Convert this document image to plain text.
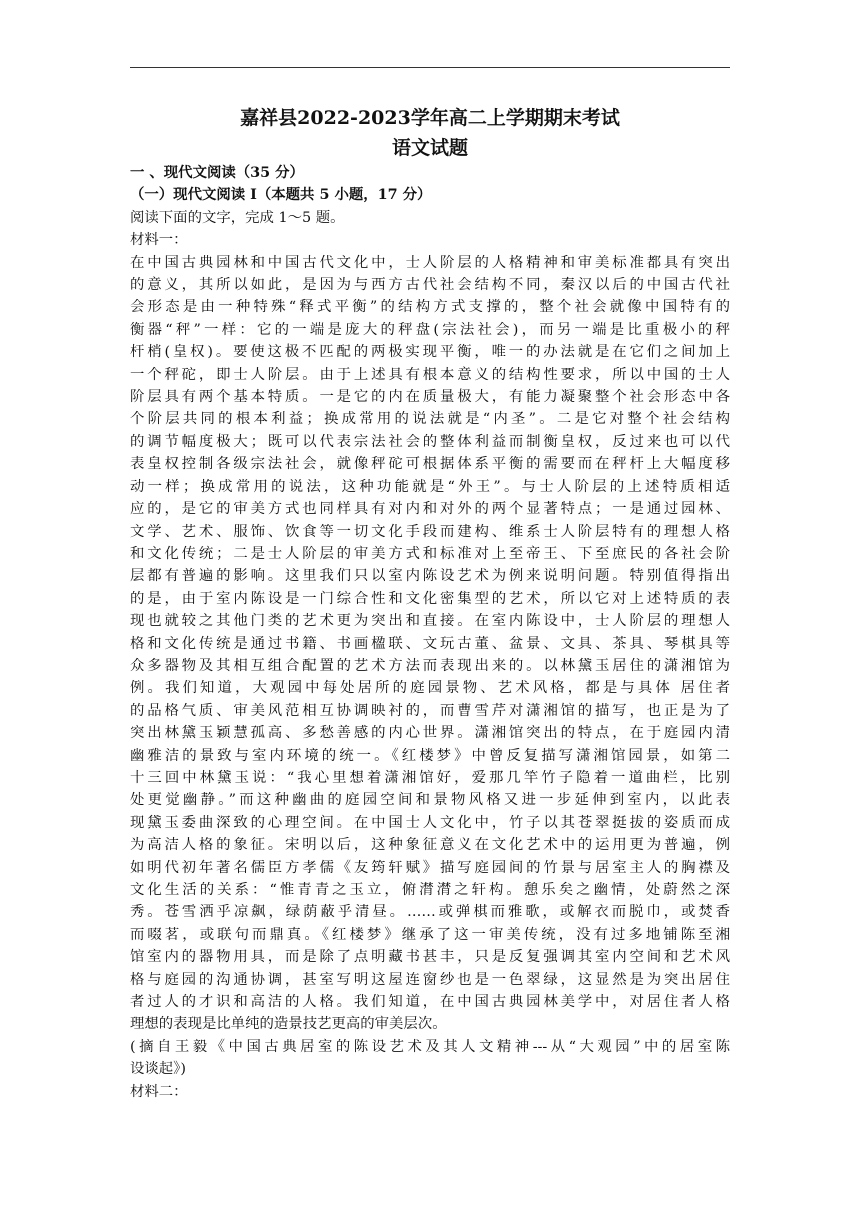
嘉祥县2022-2023学年高二上学期期末考试
语文试题
一 、现代文阅读（35 分）
（一）现代文阅读 I（本题共 5 小题，17 分）
阅读下面的文字，完成 1～5 题。
材料一：
在中国古典园林和中国古代文化中，士人阶层的人格精神和审美标准都具有突出
的意义，其所以如此，是因为与西方古代社会结构不同，秦汉以后的中国古代社
会形态是由一种特殊“释式平衡”的结构方式支撑的，整个社会就像中国特有的
衡器“秤”一样：它的一端是庞大的秤盘(宗法社会)，而另一端是比重极小的秤
杆梢(皇权)。要使这极不匹配的两极实现平衡，唯一的办法就是在它们之间加上
一个秤砣，即士人阶层。由于上述具有根本意义的结构性要求，所以中国的士人
阶层具有两个基本特质。一是它的内在质量极大，有能力凝聚整个社会形态中各
个阶层共同的根本利益；换成常用的说法就是“内圣”。二是它对整个社会结构
的调节幅度极大；既可以代表宗法社会的整体利益而制衡皇权，反过来也可以代
表皇权控制各级宗法社会，就像秤砣可根据体系平衡的需要而在秤杆上大幅度移
动一样；换成常用的说法，这种功能就是“外王”。与士人阶层的上述特质相适
应的，是它的审美方式也同样具有对内和对外的两个显著特点；一是通过园林、
文学、艺术、服饰、饮食等一切文化手段而建构、维系士人阶层特有的理想人格
和文化传统；二是士人阶层的审美方式和标准对上至帝王、下至庶民的各社会阶
层都有普遍的影响。这里我们只以室内陈设艺术为例来说明问题。特别值得指出
的是，由于室内陈设是一门综合性和文化密集型的艺术，所以它对上述特质的表
现也就较之其他门类的艺术更为突出和直接。在室内陈设中，士人阶层的理想人
格和文化传统是通过书籍、书画楹联、文玩古董、盆景、文具、茶具、琴棋具等
众多器物及其相互组合配置的艺术方法而表现出来的。以林黛玉居住的潇湘馆为
例。我们知道，大观园中每处居所的庭园景物、艺术风格，都是与具体 居住者
的品格气质、审美风范相互协调映衬的，而曹雪芹对潇湘馆的描写，也正是为了
突出林黛玉颖慧孤高、多愁善感的内心世界。潇湘馆突出的特点，在于庭园内清
幽雅洁的景致与室内环境的统一。《红楼梦》中曾反复描写潇湘馆园景，如第二
十三回中林黛玉说：“我心里想着潇湘馆好，爱那几竿竹子隐着一道曲栏，比别
处更觉幽静。”而这种幽曲的庭园空间和景物风格又进一步延伸到室内，以此表
现黛玉委曲深致的心理空间。在中国士人文化中，竹子以其苍翠挺拔的姿质而成
为高洁人格的象征。宋明以后，这种象征意义在文化艺术中的运用更为普遍，例
如明代初年著名儒臣方孝儒《友筠轩赋》描写庭园间的竹景与居室主人的胸襟及
文化生活的关系：“惟青青之玉立，俯潸潸之轩构。憩乐矣之幽情，处蔚然之深
秀。苍雪洒乎凉飙，绿荫蔽乎清昼。……或弹棋而雅歌，或解衣而脱巾，或焚香
而啜茗，或联句而鼎真。《红楼梦》继承了这一审美传统，没有过多地铺陈至湘
馆室内的器物用具，而是除了点明藏书甚丰，只是反复强调其室内空间和艺术风
格与庭园的沟通协调，甚室写明这屋连窗纱也是一色翠绿，这显然是为突出居住
者过人的才识和高洁的人格。我们知道，在中国古典园林美学中，对居住者人格
理想的表现是比单纯的造景技艺更高的审美层次。
(摘自王毅《中国古典居室的陈设艺术及其人文精神---从“大观园”中的居室陈
设谈起》)
材料二：
